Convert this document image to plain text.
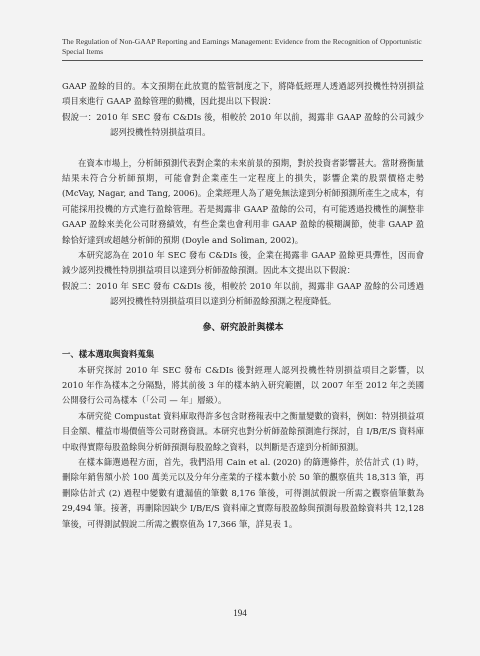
The Regulation of Non-GAAP Reporting and Earnings Management: Evidence from the Recognition of Opportunistic Special Items

GAAP 盈餘的目的。本文預期在此放寬的監管制度之下，將降低經理人透過認列投機性特別損益項目來進行 GAAP 盈餘管理的動機，因此提出以下假說：

假說一：2010 年 SEC 發布 C&DIs 後，相較於 2010 年以前，揭露非 GAAP 盈餘的公司減少認列投機性特別損益項目。

在資本市場上，分析師預測代表對企業的未來前景的預期，對於投資者影響甚大。當財務衡量結果未符合分析師預期，可能會對企業產生一定程度上的損失，影響企業的股票價格走勢 (McVay, Nagar, and Tang, 2006)。企業經理人為了避免無法達到分析師預測所產生之成本，有可能採用投機的方式進行盈餘管理。若是揭露非 GAAP 盈餘的公司，有可能透過投機性的調整非 GAAP 盈餘來美化公司財務績效，有些企業也會利用非 GAAP 盈餘的模糊調節，使非 GAAP 盈餘恰好達到或超越分析師的預期 (Doyle and Soliman, 2002)。

本研究認為在 2010 年 SEC 發布 C&DIs 後，企業在揭露非 GAAP 盈餘更具彈性，因而會減少認列投機性特別損益項目以達到分析師盈餘預測。因此本文提出以下假說：

假說二：2010 年 SEC 發布 C&DIs 後，相較於 2010 年以前，揭露非 GAAP 盈餘的公司透過認列投機性特別損益項目以達到分析師盈餘預測之程度降低。

參、研究設計與樣本

一、樣本選取與資料蒐集

本研究探討 2010 年 SEC 發布 C&DIs 後對經理人認列投機性特別損益項目之影響，以 2010 年作為樣本之分隔點，將其前後 3 年的樣本納入研究範圍，以 2007 年至 2012 年之美國公開發行公司為樣本（「公司 — 年」層級）。

本研究從 Compustat 資料庫取得許多包含財務報表中之衡量變數的資料，例如：特別損益項目金額、權益市場價值等公司財務資訊。本研究也對分析師盈餘預測進行探討，自 I/B/E/S 資料庫中取得實際每股盈餘與分析師預測每股盈餘之資料，以判斷是否達到分析師預測。

在樣本篩選過程方面，首先，我們沿用 Cain et al. (2020) 的篩選條件，於估計式 (1) 時，刪除年銷售額小於 100 萬美元以及分年分產業的子樣本數小於 50 筆的觀察值共 18,313 筆，再刪除估計式 (2) 過程中變數有遺漏值的筆數 8,176 筆後，可得測試假說一所需之觀察值筆數為 29,494 筆。接著，再刪除因缺少 I/B/E/S 資料庫之實際每股盈餘與預測每股盈餘資料共 12,128 筆後，可得測試假說二所需之觀察值為 17,366 筆，詳見表 1。

194
